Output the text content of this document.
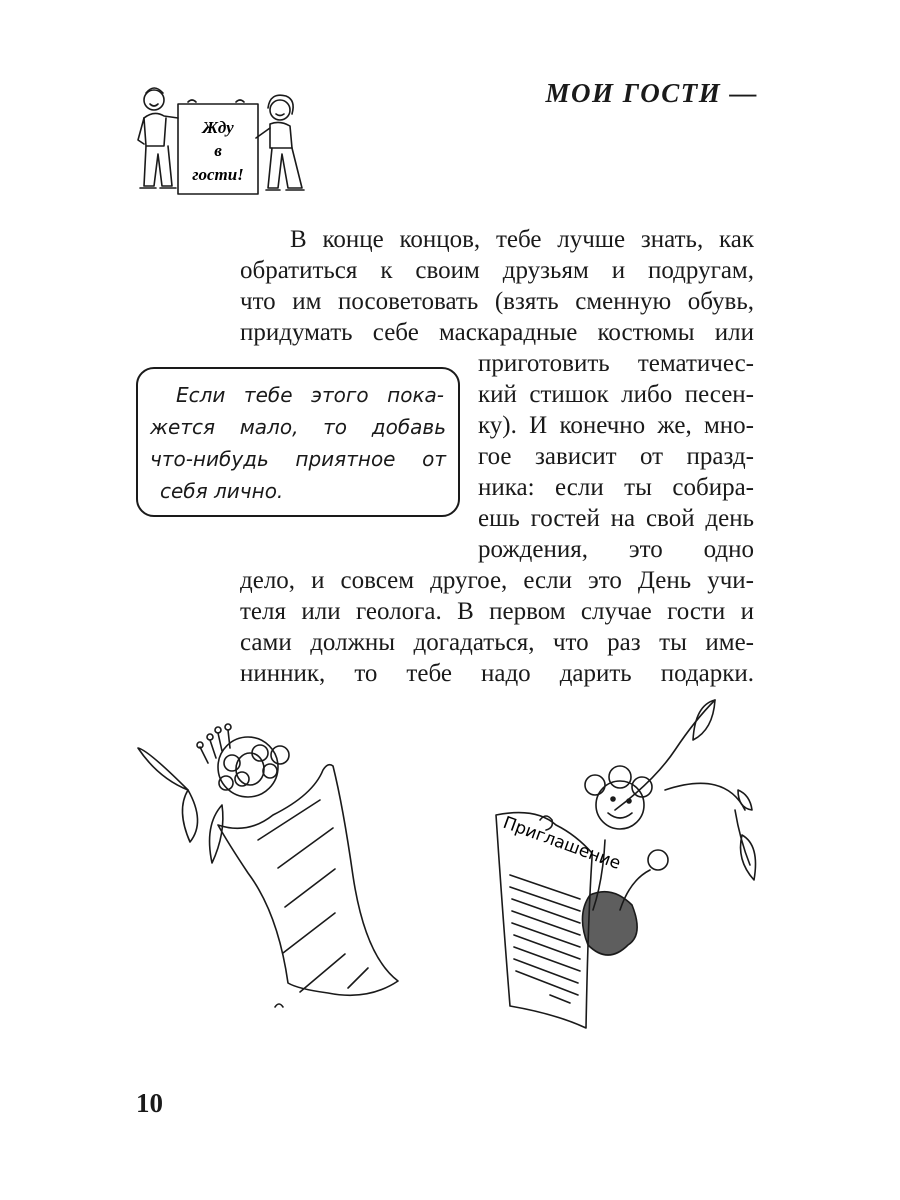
МОИ ГОСТИ —
Жду
в
гости!
В конце концов, тебе лучше знать, как
обратиться к своим друзьям и подругам,
что им посоветовать (взять сменную обувь,
придумать себе маскарадные костюмы или
приготовить тематичес-
кий стишок либо песен-
ку). И конечно же, мно-
гое зависит от празд-
ника: если ты собира-
ешь гостей на свой день
рождения, это одно
дело, и совсем другое, если это День учи-
теля или геолога. В первом случае гости и
сами должны догадаться, что раз ты име-
нинник, то тебе надо дарить подарки.
Если тебе этого пока-
жется мало, то добавь
что-нибудь приятное от
себя лично.
Приглашение
10
